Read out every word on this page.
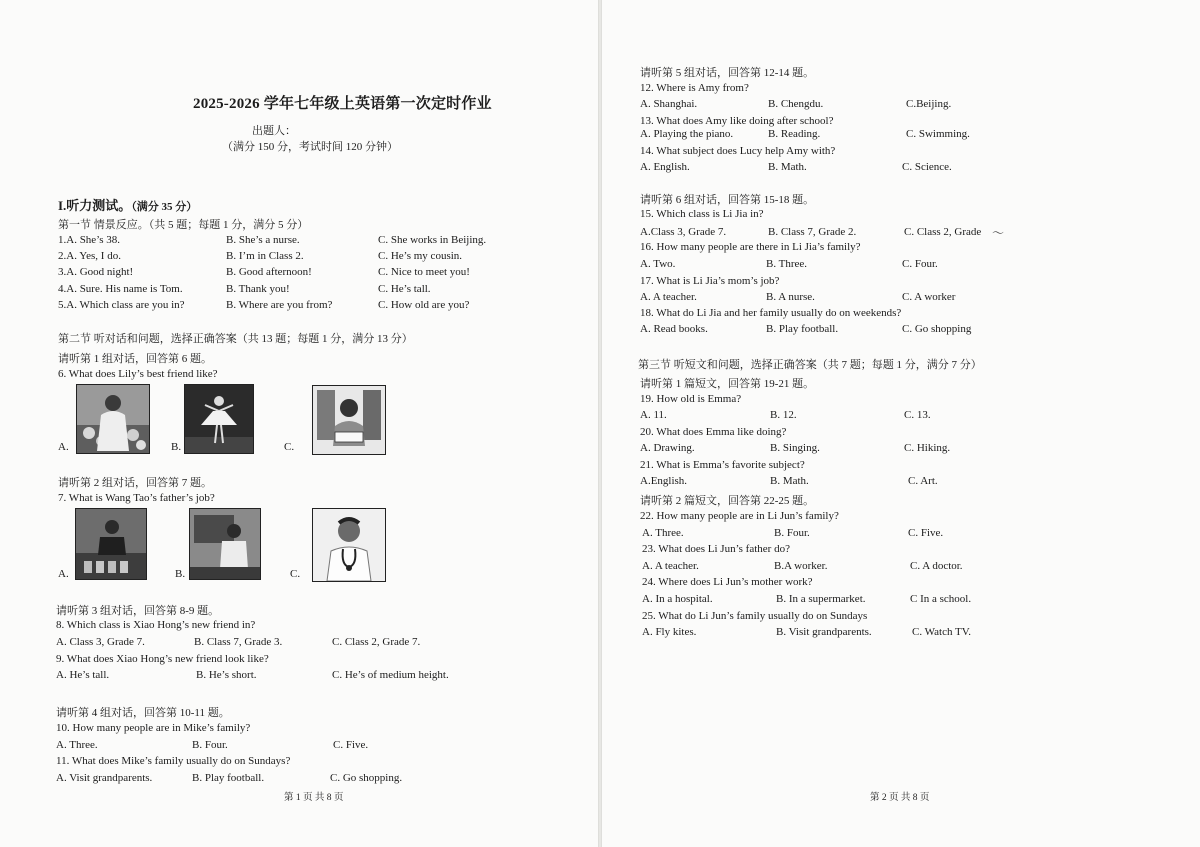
2025-2026 学年七年级上英语第一次定时作业
出题人：
（满分 150 分，考试时间 120 分钟）
I.听力测试。（满分 35 分）
第一节 情景反应。（共 5 题；每题 1 分，满分 5 分）
1.A. She’s 38.	B. She’s a nurse.	C. She works in Beijing.
2.A. Yes, I do.	B. I’m in Class 2.	C. He’s my cousin.
3.A. Good night!	B. Good afternoon!	C. Nice to meet you!
4.A. Sure. His name is Tom.	B. Thank you!	C. He’s tall.
5.A. Which class are you in?	B. Where are you from?	C. How old are you?
第二节 听对话和问题，选择正确答案（共 13 题；每题 1 分，满分 13 分）
请听第 1 组对话，回答第 6 题。
6. What does Lily’s best friend like?
A.	B.	C.
请听第 2 组对话，回答第 7 题。
7. What is Wang Tao’s father’s job?
A.	B.	C.
请听第 3 组对话，回答第 8-9 题。
8. Which class is Xiao Hong’s new friend in?
A. Class 3, Grade 7.	B. Class 7, Grade 3.	C. Class 2, Grade 7.
9. What does Xiao Hong’s new friend look like?
A. He’s tall.	B. He’s short.	C. He’s of medium height.
请听第 4 组对话，回答第 10-11 题。
10. How many people are in Mike’s family?
A. Three.	B. Four.	C. Five.
11. What does Mike’s family usually do on Sundays?
A. Visit grandparents.	B. Play football.	C. Go shopping.
第 1 页 共 8 页
请听第 5 组对话，回答第 12-14 题。
12. Where is Amy from?
A. Shanghai.	B. Chengdu.	C.Beijing.
13. What does Amy like doing after school?
A. Playing the piano.	B. Reading.	C. Swimming.
14. What subject does Lucy help Amy with?
A. English.	B. Math.	C. Science.
请听第 6 组对话，回答第 15-18 题。
15. Which class is Li Jia in?
A.Class 3, Grade 7.	B. Class 7, Grade 2.	C. Class 2, Grade 〜
16. How many people are there in Li Jia’s family?
A. Two.	B. Three.	C. Four.
17. What is Li Jia’s mom’s job?
A. A teacher.	B. A nurse.	C. A worker
18. What do Li Jia and her family usually do on weekends?
A. Read books.	B. Play football.	C. Go shopping
第三节 听短文和问题，选择正确答案（共 7 题；每题 1 分，满分 7 分）
请听第 1 篇短文，回答第 19-21 题。
19. How old is Emma?
A. 11.	B. 12.	C. 13.
20. What does Emma like doing?
A. Drawing.	B. Singing.	C. Hiking.
21. What is Emma’s favorite subject?
A.English.	B. Math.	C. Art.
请听第 2 篇短文，回答第 22-25 题。
22. How many people are in Li Jun’s family?
A. Three.	B. Four.	C. Five.
23. What does Li Jun’s father do?
A. A teacher.	B.A worker.	C. A doctor.
24. Where does Li Jun’s mother work?
A. In a hospital.	B. In a supermarket.	C In a school.
25. What do Li Jun’s family usually do on Sundays
A. Fly kites.	B. Visit grandparents.	C. Watch TV.
第 2 页 共 8 页
